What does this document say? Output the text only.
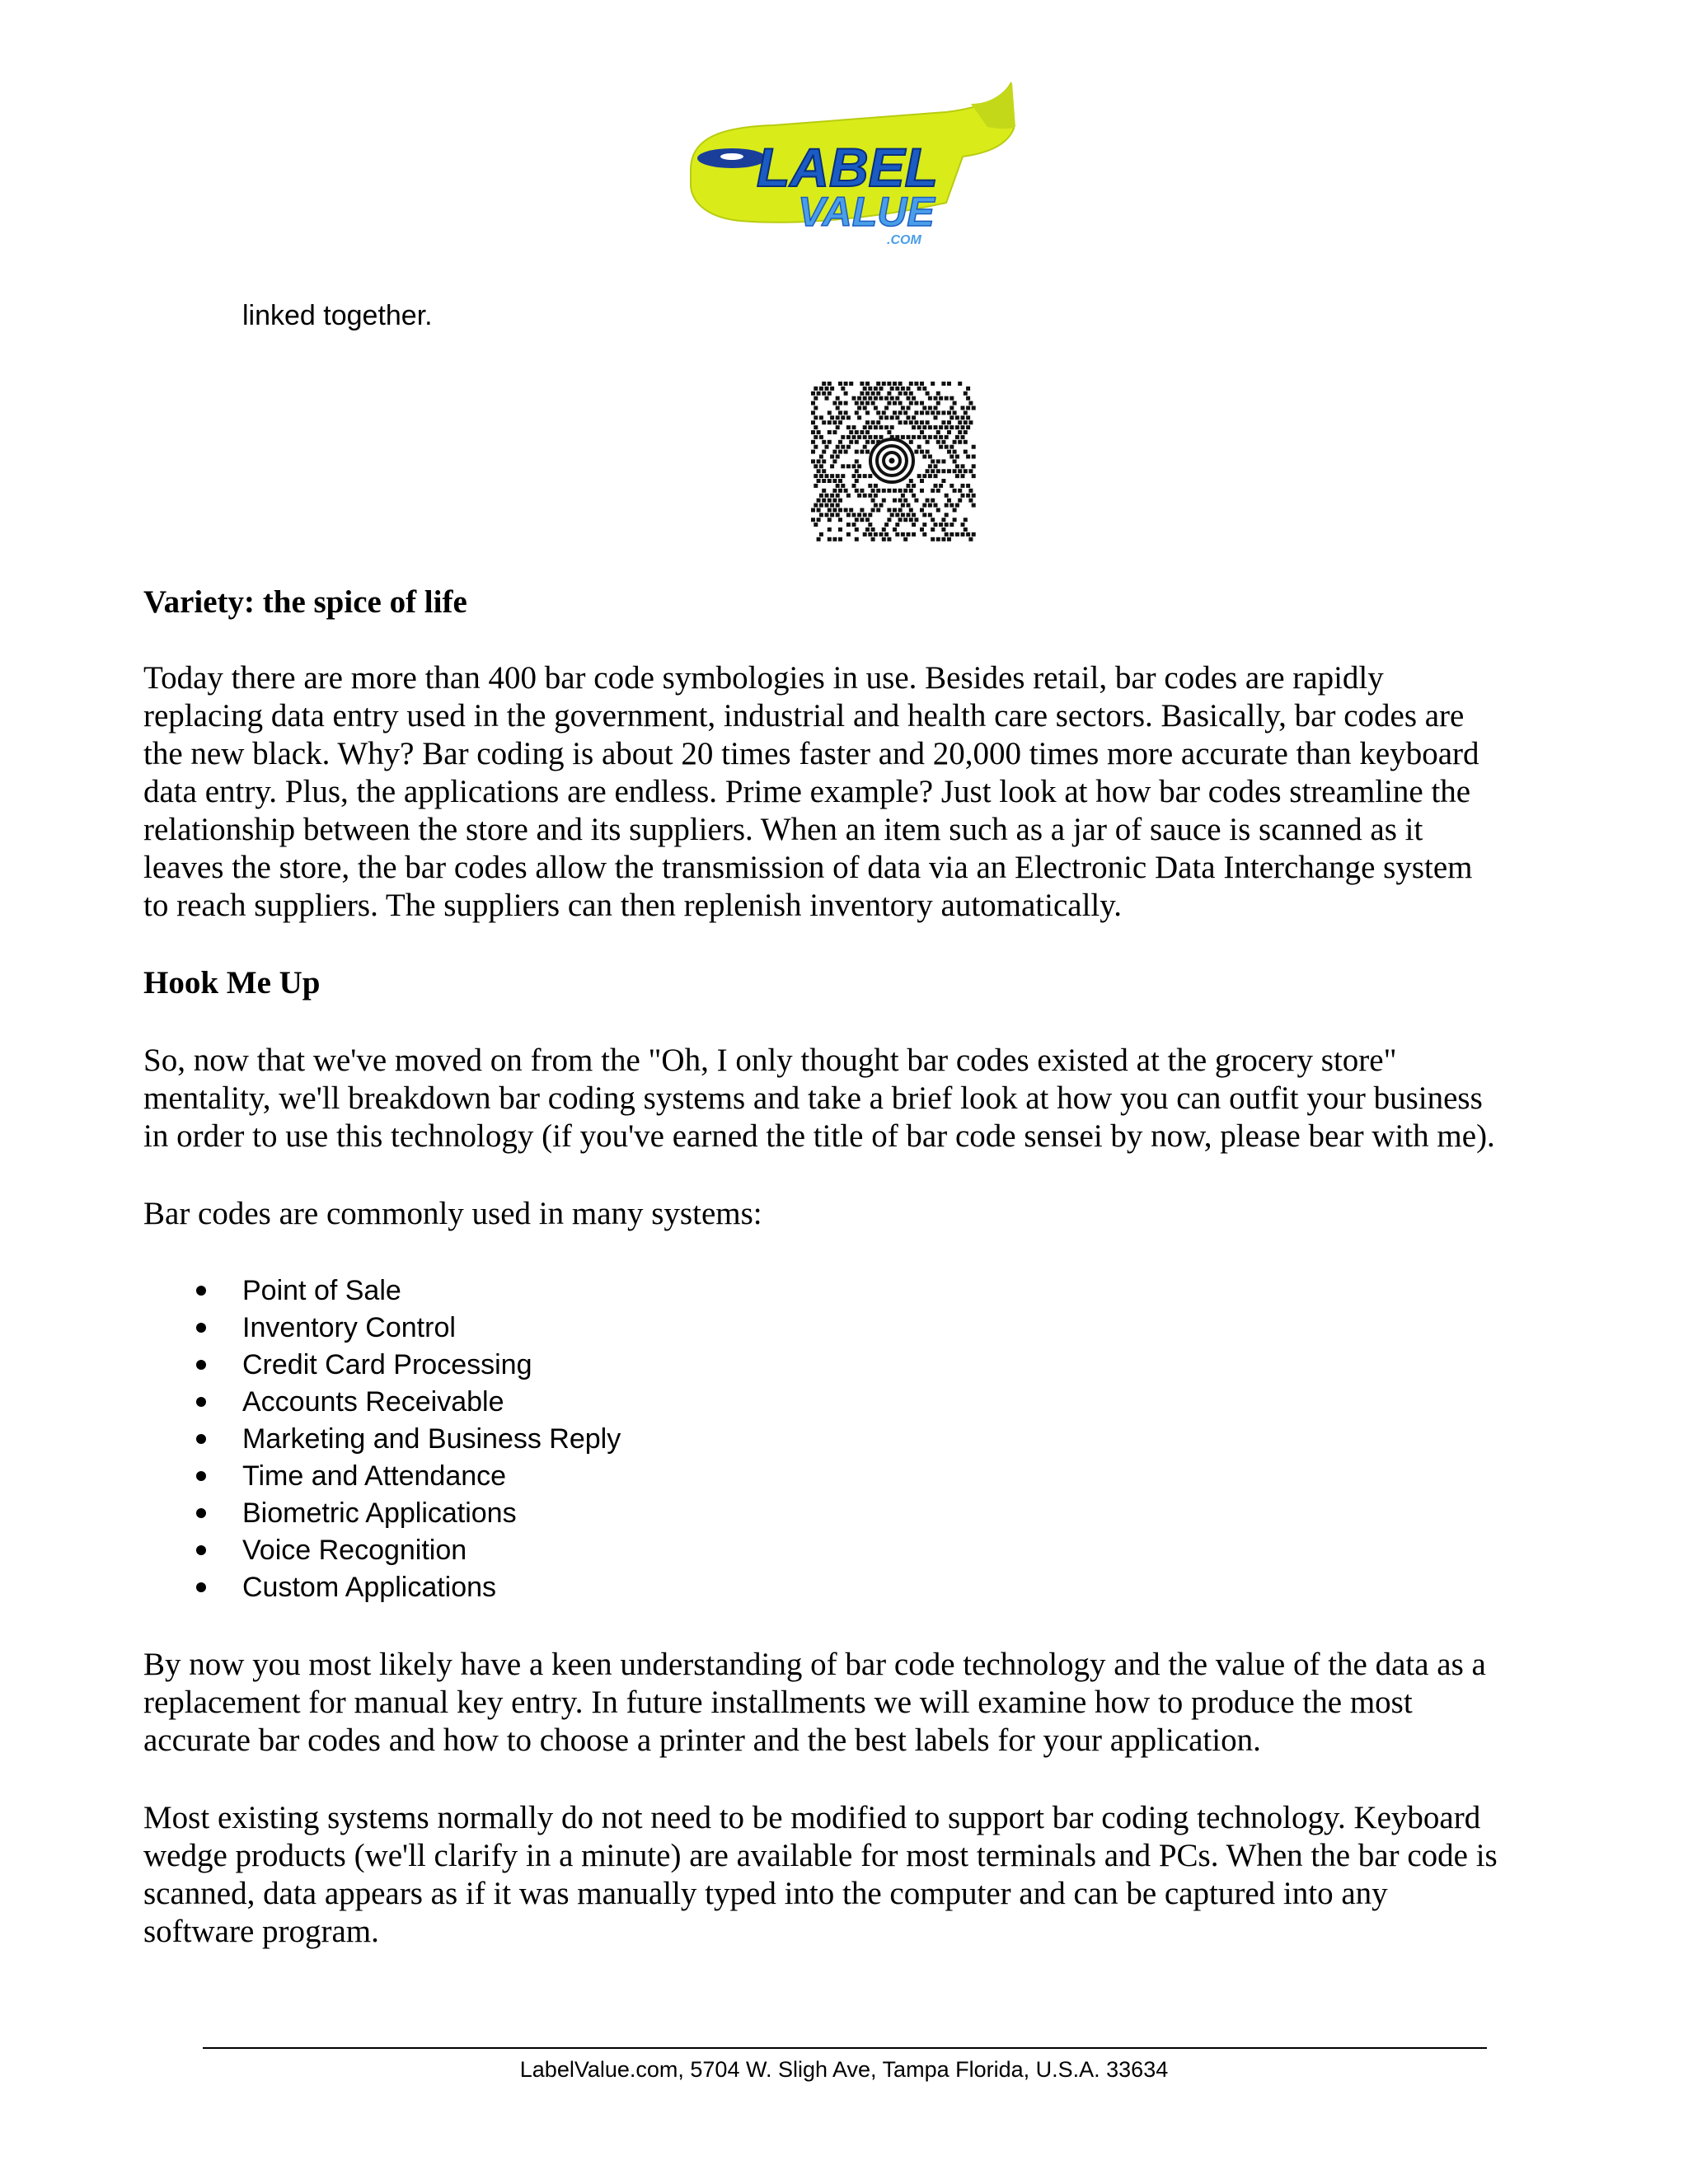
LABEL
VALUE
.COM
linked together.

Variety: the spice of life

Today there are more than 400 bar code symbologies in use. Besides retail, bar codes are rapidly
replacing data entry used in the government, industrial and health care sectors. Basically, bar codes are
the new black. Why? Bar coding is about 20 times faster and 20,000 times more accurate than keyboard
data entry. Plus, the applications are endless. Prime example? Just look at how bar codes streamline the
relationship between the store and its suppliers. When an item such as a jar of sauce is scanned as it
leaves the store, the bar codes allow the transmission of data via an Electronic Data Interchange system
to reach suppliers. The suppliers can then replenish inventory automatically.

Hook Me Up

So, now that we've moved on from the "Oh, I only thought bar codes existed at the grocery store"
mentality, we'll breakdown bar coding systems and take a brief look at how you can outfit your business
in order to use this technology (if you've earned the title of bar code sensei by now, please bear with me).
Bar codes are commonly used in many systems:
Point of Sale
Inventory Control
Credit Card Processing
Accounts Receivable
Marketing and Business Reply
Time and Attendance
Biometric Applications
Voice Recognition
Custom Applications
By now you most likely have a keen understanding of bar code technology and the value of the data as a
replacement for manual key entry. In future installments we will examine how to produce the most
accurate bar codes and how to choose a printer and the best labels for your application.
Most existing systems normally do not need to be modified to support bar coding technology. Keyboard
wedge products (we'll clarify in a minute) are available for most terminals and PCs. When the bar code is
scanned, data appears as if it was manually typed into the computer and can be captured into any
software program.
LabelValue.com, 5704 W. Sligh Ave, Tampa Florida, U.S.A. 33634
